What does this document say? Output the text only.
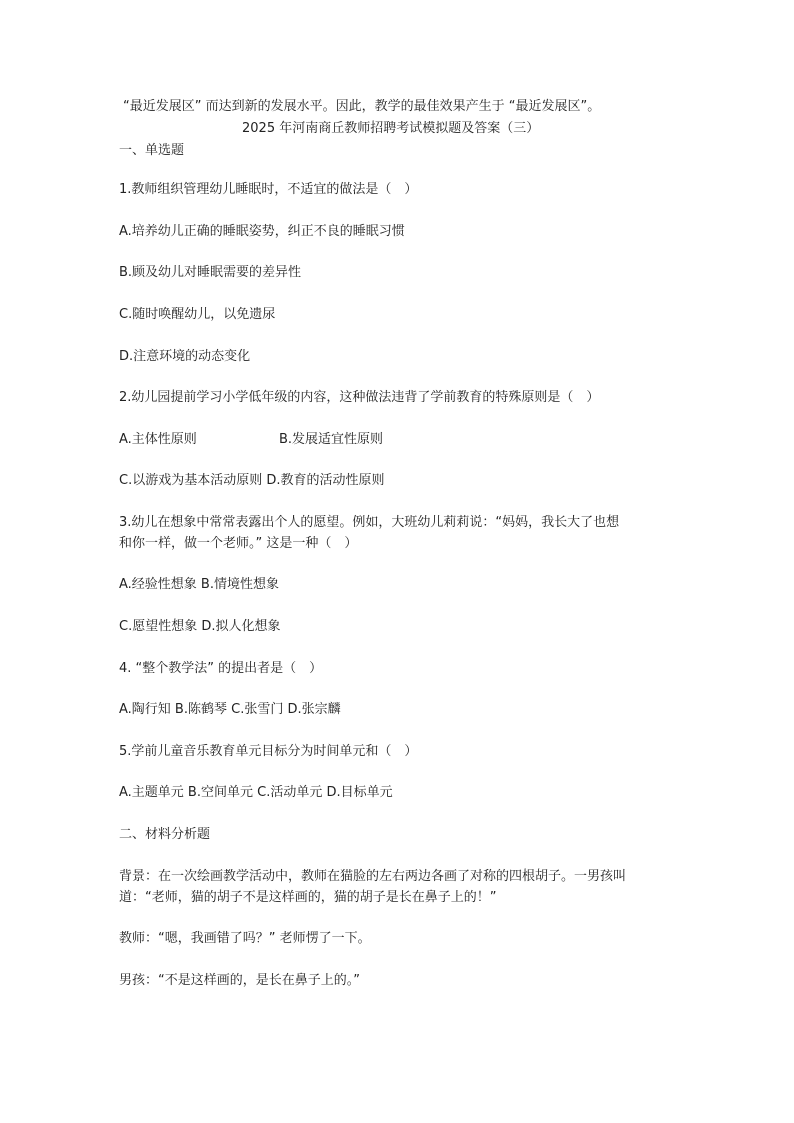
“最近发展区” 而达到新的发展水平。因此，教学的最佳效果产生于 “最近发展区”。
2025 年河南商丘教师招聘考试模拟题及答案（三）
一、单选题
1.教师组织管理幼儿睡眠时，不适宜的做法是（　）
A.培养幼儿正确的睡眠姿势，纠正不良的睡眠习惯
B.顾及幼儿对睡眠需要的差异性
C.随时唤醒幼儿，以免遗尿
D.注意环境的动态变化
2.幼儿园提前学习小学低年级的内容，这种做法违背了学前教育的特殊原则是（　）
A.主体性原则	B.发展适宜性原则
C.以游戏为基本活动原则 D.教育的活动性原则
3.幼儿在想象中常常表露出个人的愿望。例如，大班幼儿莉莉说：“妈妈，我长大了也想
和你一样，做一个老师。” 这是一种（　）
A.经验性想象 B.情境性想象
C.愿望性想象 D.拟人化想象
4. “整个教学法” 的提出者是（　）
A.陶行知 B.陈鹤琴 C.张雪门 D.张宗麟
5.学前儿童音乐教育单元目标分为时间单元和（　）
A.主题单元 B.空间单元 C.活动单元 D.目标单元
二、材料分析题
背景：在一次绘画教学活动中，教师在猫脸的左右两边各画了对称的四根胡子。一男孩叫
道：“老师，猫的胡子不是这样画的，猫的胡子是长在鼻子上的！”
教师：“嗯，我画错了吗？” 老师愣了一下。
男孩：“不是这样画的，是长在鼻子上的。”
